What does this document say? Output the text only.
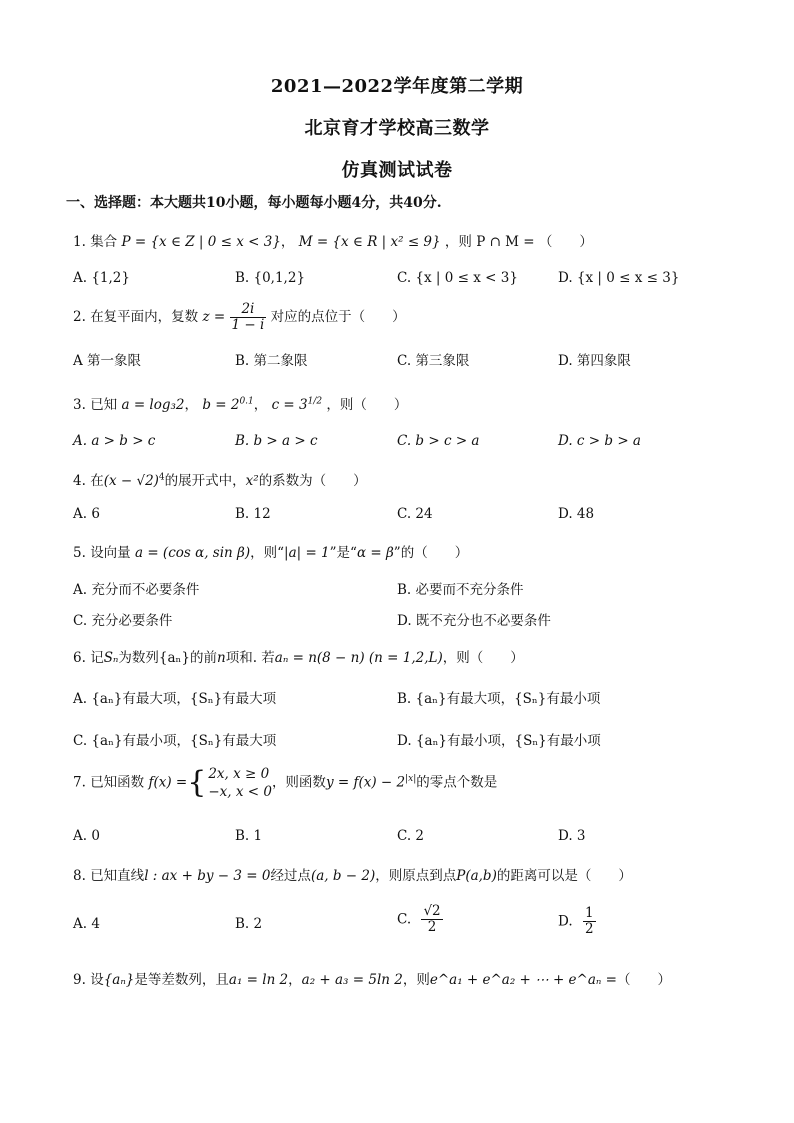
2021—2022学年度第二学期
北京育才学校高三数学
仿真测试试卷
一、选择题：本大题共10小题，每小题每小题4分，共40分.
1. 集合 P = {x ∈ Z | 0 ≤ x < 3}， M = {x ∈ R | x² ≤ 9} ，则 P ∩ M = （　　）
A. {1,2}	B. {0,1,2}	C. {x | 0 ≤ x < 3}	D. {x | 0 ≤ x ≤ 3}
2. 在复平面内，复数 $z = \frac{2i}{1 - i}$ 对应的点位于（　　）
A 第一象限	B. 第二象限	C. 第三象限	D. 第四象限
3. 已知 a = log₃2， $b = 2^{0.1}$， $c = 3^{1/2}$ ，则（　　）
A. a > b > c	B. b > a > c	C. b > c > a	D. c > b > a
4. 在$(x - √2)^4$的展开式中，x²的系数为（　　）
A. 6	B. 12	C. 24	D. 48
5. 设向量 a = (cos α, sin β)，则“|a| = 1”是“α = β”的（　　）
A. 充分而不必要条件	B. 必要而不充分条件
C. 充分必要条件	D. 既不充分也不必要条件
6. 记Sₙ为数列{aₙ}的前n项和. 若aₙ = n(8 − n) (n = 1,2,L)，则（　　）
A. {aₙ}有最大项，{Sₙ}有最大项	B. {aₙ}有最大项，{Sₙ}有最小项
C. {aₙ}有最小项，{Sₙ}有最大项	D. {aₙ}有最小项，{Sₙ}有最小项
7. 已知函数 f(x) ={ 2x, x ≥ 0
−x, x < 0
，则函数$y = f(x) - 2^{|x|}$的零点个数是
A. 0	B. 1	C. 2	D. 3
8. 已知直线l : ax + by − 3 = 0经过点(a, b − 2)，则原点到点P(a,b)的距离可以是（　　）
A. 4	B. 2	C. $\frac{√2}{2}$	D. $\frac{1}{2}$
9. 设{aₙ}是等差数列，且a₁ = ln 2，a₂ + a₃ = 5ln 2，则e^a₁ + e^a₂ + ⋯ + e^aₙ =（　　）
